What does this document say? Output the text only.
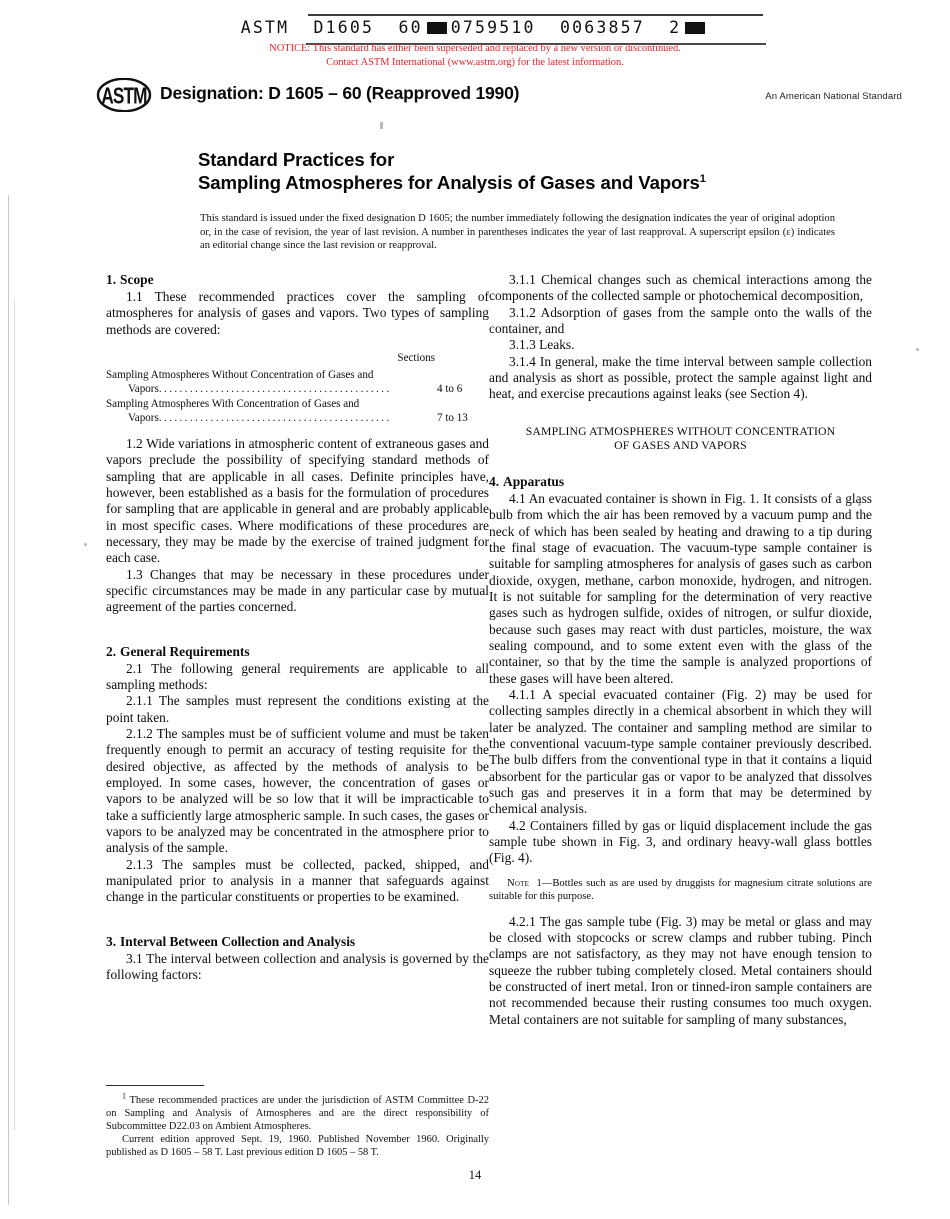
ASTM  D1605  60 0759510  0063857  2
NOTICE: This standard has either been superseded and replaced by a new version or discontinued.
Contact ASTM International (www.astm.org) for the latest information.
ASTM Designation: D 1605 – 60 (Reapproved 1990)	An American National Standard
Standard Practices for
Sampling Atmospheres for Analysis of Gases and Vapors$^1$
This standard is issued under the fixed designation D 1605; the number immediately following the designation indicates the year of original adoption or, in the case of revision, the year of last revision. A number in parentheses indicates the year of last reapproval. A superscript epsilon (ε) indicates an editorial change since the last revision or reapproval.
1. Scope

1.1 These recommended practices cover the sampling of atmospheres for analysis of gases and vapors. Two types of sampling methods are covered:

Sections
Sampling Atmospheres Without Concentration of Gases and
Vapors.............................................	4 to 6
Sampling Atmospheres With Concentration of Gases and
Vapors.............................................	7 to 13

1.2 Wide variations in atmospheric content of extraneous gases and vapors preclude the possibility of specifying standard methods of sampling that are applicable in all cases. Definite principles have, however, been established as a basis for the formulation of procedures for sampling that are applicable in general and are probably applicable in most specific cases. Where modifications of these procedures are necessary, they may be made by the exercise of trained judgment for each case.

1.3 Changes that may be necessary in these procedures under specific circumstances may be made in any particular case by mutual agreement of the parties concerned.

2. General Requirements

2.1 The following general requirements are applicable to all sampling methods:

2.1.1 The samples must represent the conditions existing at the point taken.

2.1.2 The samples must be of sufficient volume and must be taken frequently enough to permit an accuracy of testing requisite for the desired objective, as affected by the methods of analysis to be employed. In some cases, however, the concentration of gases or vapors to be analyzed will be so low that it will be impracticable to take a sufficiently large atmospheric sample. In such cases, the gases or vapors to be analyzed may be concentrated in the atmosphere prior to analysis of the sample.

2.1.3 The samples must be collected, packed, shipped, and manipulated prior to analysis in a manner that safeguards against change in the particular constituents or properties to be examined.

3. Interval Between Collection and Analysis

3.1 The interval between collection and analysis is governed by the following factors:

3.1.1 Chemical changes such as chemical interactions among the components of the collected sample or photochemical decomposition,

3.1.2 Adsorption of gases from the sample onto the walls of the container, and

3.1.3 Leaks.

3.1.4 In general, make the time interval between sample collection and analysis as short as possible, protect the sample against light and heat, and exercise precautions against leaks (see Section 4).

SAMPLING ATMOSPHERES WITHOUT CONCENTRATION
OF GASES AND VAPORS
4. Apparatus

4.1 An evacuated container is shown in Fig. 1. It consists of a glass bulb from which the air has been removed by a vacuum pump and the neck of which has been sealed by heating and drawing to a tip during the final stage of evacuation. The vacuum-type sample container is suitable for sampling atmospheres for analysis of gases such as carbon dioxide, oxygen, methane, carbon monoxide, hydrogen, and nitrogen. It is not suitable for sampling for the determination of very reactive gases such as hydrogen sulfide, oxides of nitrogen, or sulfur dioxide, because such gases may react with dust particles, moisture, the wax sealing compound, and to some extent even with the glass of the container, so that by the time the sample is analyzed proportions of these gases will have been altered.

4.1.1 A special evacuated container (Fig. 2) may be used for collecting samples directly in a chemical absorbent in which they will later be analyzed. The container and sampling method are similar to the conventional vacuum-type sample container previously described. The bulb differs from the conventional type in that it contains a liquid absorbent for the particular gas or vapor to be analyzed that dissolves such gas and preserves it in a form that may be determined by chemical analysis.

4.2 Containers filled by gas or liquid displacement include the gas sample tube shown in Fig. 3, and ordinary heavy-wall glass bottles (Fig. 4).

Note 1—Bottles such as are used by druggists for magnesium citrate solutions are suitable for this purpose.

4.2.1 The gas sample tube (Fig. 3) may be metal or glass and may be closed with stopcocks or screw clamps and rubber tubing. Pinch clamps are not satisfactory, as they may not have enough tension to squeeze the rubber tubing completely closed. Metal containers should be constructed of inert metal. Iron or tinned-iron sample containers are not recommended because their rusting consumes too much oxygen. Metal containers are not suitable for sampling of many substances,

$^1$ These recommended practices are under the jurisdiction of ASTM Committee D-22 on Sampling and Analysis of Atmospheres and are the direct responsibility of Subcommittee D22.03 on Ambient Atmospheres.

Current edition approved Sept. 19, 1960. Published November 1960. Originally published as D 1605 – 58 T. Last previous edition D 1605 – 58 T.

14
